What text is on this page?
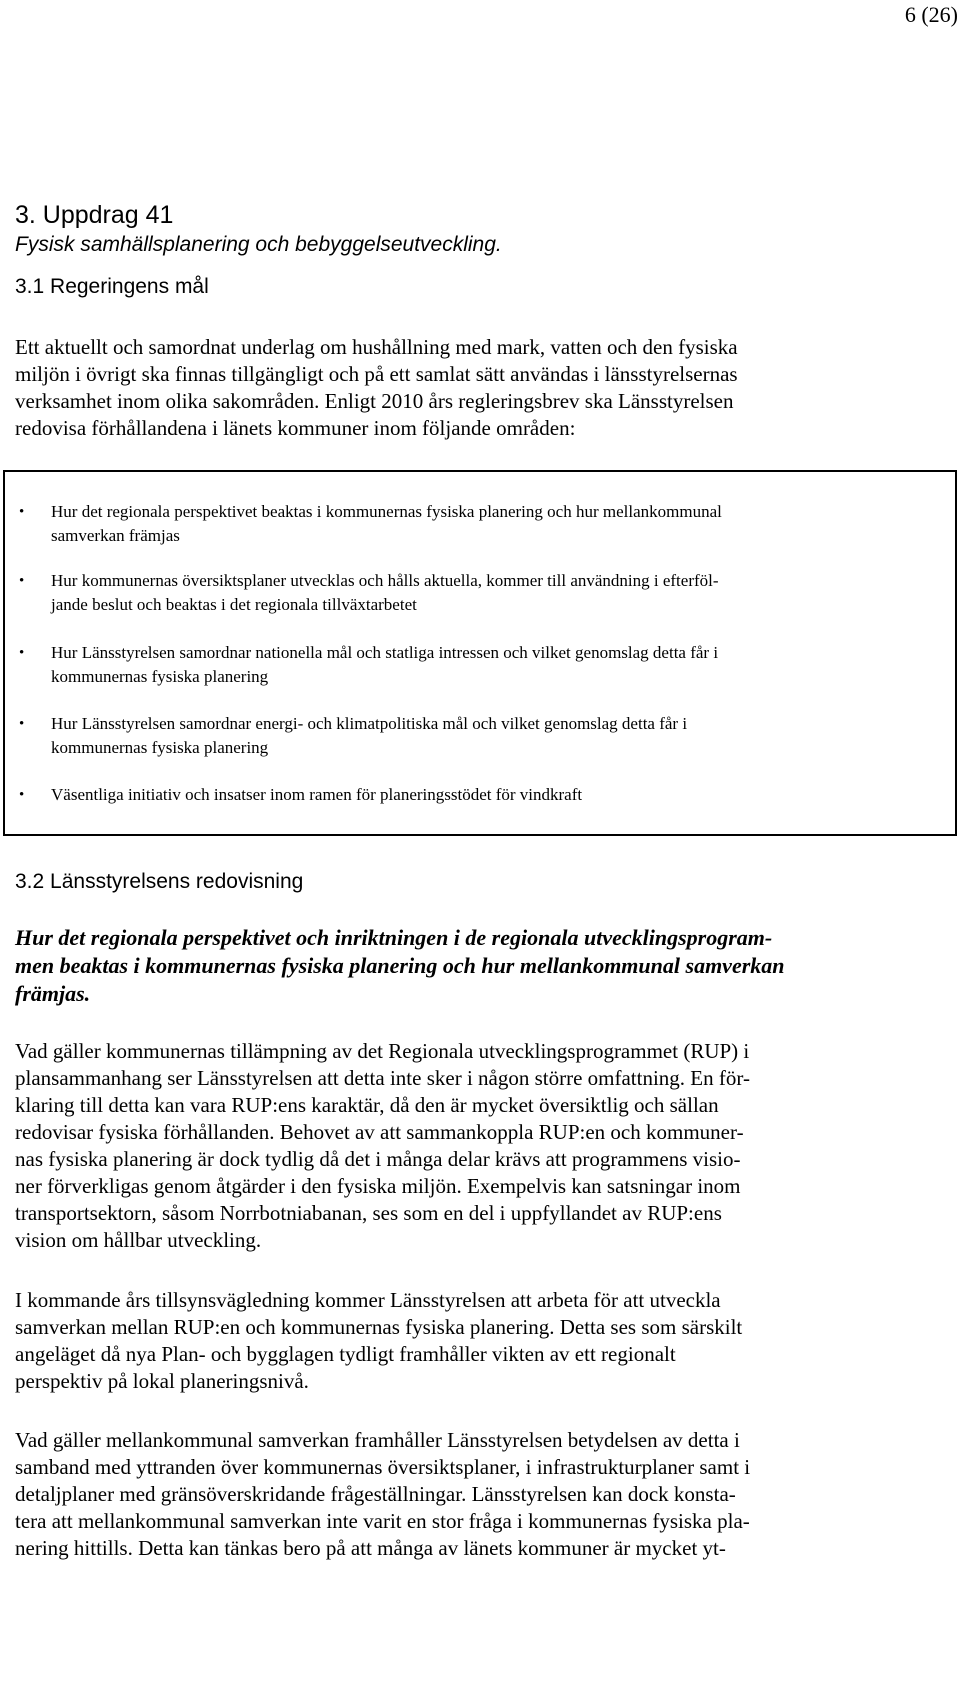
6 (26)
3. Uppdrag 41

Fysisk samhällsplanering och bebyggelseutveckling.

3.1 Regeringens mål

Ett aktuellt och samordnat underlag om hushållning med mark, vatten och den fysiska
miljön i övrigt ska finnas tillgängligt och på ett samlat sätt användas i länsstyrelsernas
verksamhet inom olika sakområden. Enligt 2010 års regleringsbrev ska Länsstyrelsen
redovisa förhållandena i länets kommuner inom följande områden:

• Hur det regionala perspektivet beaktas i kommunernas fysiska planering och hur mellankommunal
samverkan främjas
• Hur kommunernas översiktsplaner utvecklas och hålls aktuella, kommer till användning i efterföl-
jande beslut och beaktas i det regionala tillväxtarbetet
• Hur Länsstyrelsen samordnar nationella mål och statliga intressen och vilket genomslag detta får i
kommunernas fysiska planering
• Hur Länsstyrelsen samordnar energi- och klimatpolitiska mål och vilket genomslag detta får i
kommunernas fysiska planering
• Väsentliga initiativ och insatser inom ramen för planeringsstödet för vindkraft
3.2 Länsstyrelsens redovisning

Hur det regionala perspektivet och inriktningen i de regionala utvecklingsprogram-
men beaktas i kommunernas fysiska planering och hur mellankommunal samverkan
främjas.

Vad gäller kommunernas tillämpning av det Regionala utvecklingsprogrammet (RUP) i
plansammanhang ser Länsstyrelsen att detta inte sker i någon större omfattning. En för-
klaring till detta kan vara RUP:ens karaktär, då den är mycket översiktlig och sällan
redovisar fysiska förhållanden. Behovet av att sammankoppla RUP:en och kommuner-
nas fysiska planering är dock tydlig då det i många delar krävs att programmens visio-
ner förverkligas genom åtgärder i den fysiska miljön. Exempelvis kan satsningar inom
transportsektorn, såsom Norrbotniabanan, ses som en del i uppfyllandet av RUP:ens
vision om hållbar utveckling.

I kommande års tillsynsvägledning kommer Länsstyrelsen att arbeta för att utveckla
samverkan mellan RUP:en och kommunernas fysiska planering. Detta ses som särskilt
angeläget då nya Plan- och bygglagen tydligt framhåller vikten av ett regionalt
perspektiv på lokal planeringsnivå.

Vad gäller mellankommunal samverkan framhåller Länsstyrelsen betydelsen av detta i
samband med yttranden över kommunernas översiktsplaner, i infrastrukturplaner samt i
detaljplaner med gränsöverskridande frågeställningar. Länsstyrelsen kan dock konsta-
tera att mellankommunal samverkan inte varit en stor fråga i kommunernas fysiska pla-
nering hittills. Detta kan tänkas bero på att många av länets kommuner är mycket yt-
